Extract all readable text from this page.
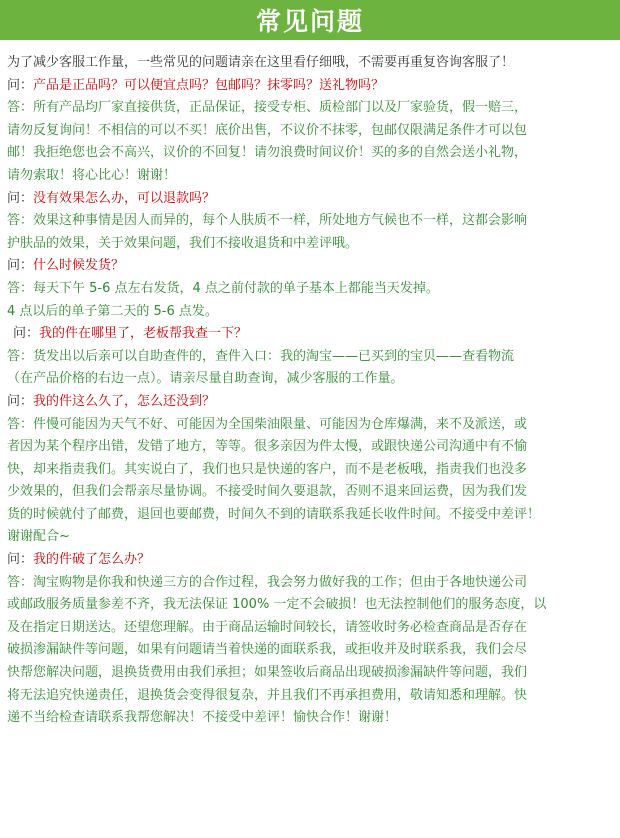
常见问题
为了减少客服工作量，一些常见的问题请亲在这里看仔细哦，不需要再重复咨询客服了！
问：产品是正品吗？可以便宜点吗？包邮吗？抹零吗？送礼物吗？
答：所有产品均厂家直接供货，正品保证，接受专柜、质检部门以及厂家验货，假一赔三，
请勿反复询问！不相信的可以不买！底价出售，不议价不抹零，包邮仅限满足条件才可以包
邮！我拒绝您也会不高兴，议价的不回复！请勿浪费时间议价！买的多的自然会送小礼物，
请勿索取！将心比心！谢谢！
问：没有效果怎么办，可以退款吗？
答：效果这种事情是因人而异的，每个人肤质不一样，所处地方气候也不一样，这都会影响
护肤品的效果，关于效果问题，我们不接收退货和中差评哦。
问：什么时候发货？
答：每天下午 5-6 点左右发货，4 点之前付款的单子基本上都能当天发掉。
4 点以后的单子第二天的 5-6 点发。
问：我的件在哪里了，老板帮我查一下？
答：货发出以后亲可以自助查件的，查件入口：我的淘宝——已买到的宝贝——查看物流
（在产品价格的右边一点）。请亲尽量自助查询，减少客服的工作量。
问：我的件这么久了，怎么还没到？
答：件慢可能因为天气不好、可能因为全国柴油限量、可能因为仓库爆满，来不及派送，或
者因为某个程序出错，发错了地方，等等。很多亲因为件太慢，或跟快递公司沟通中有不愉
快，却来指责我们。其实说白了，我们也只是快递的客户，而不是老板哦，指责我们也没多
少效果的，但我们会帮亲尽量协调。不接受时间久要退款，否则不退来回运费，因为我们发
货的时候就付了邮费，退回也要邮费，时间久不到的请联系我延长收件时间。不接受中差评！
谢谢配合~
问：我的件破了怎么办？
答：淘宝购物是你我和快递三方的合作过程，我会努力做好我的工作；但由于各地快递公司
或邮政服务质量参差不齐，我无法保证 100% 一定不会破损！也无法控制他们的服务态度，以
及在指定日期送达。还望您理解。由于商品运输时间较长，请签收时务必检查商品是否存在
破损渗漏缺件等问题，如果有问题请当着快递的面联系我，或拒收并及时联系我，我们会尽
快帮您解决问题，退换货费用由我们承担；如果签收后商品出现破损渗漏缺件等问题，我们
将无法追究快递责任，退换货会变得很复杂，并且我们不再承担费用，敬请知悉和理解。快
递不当给检查请联系我帮您解决！不接受中差评！愉快合作！谢谢！
